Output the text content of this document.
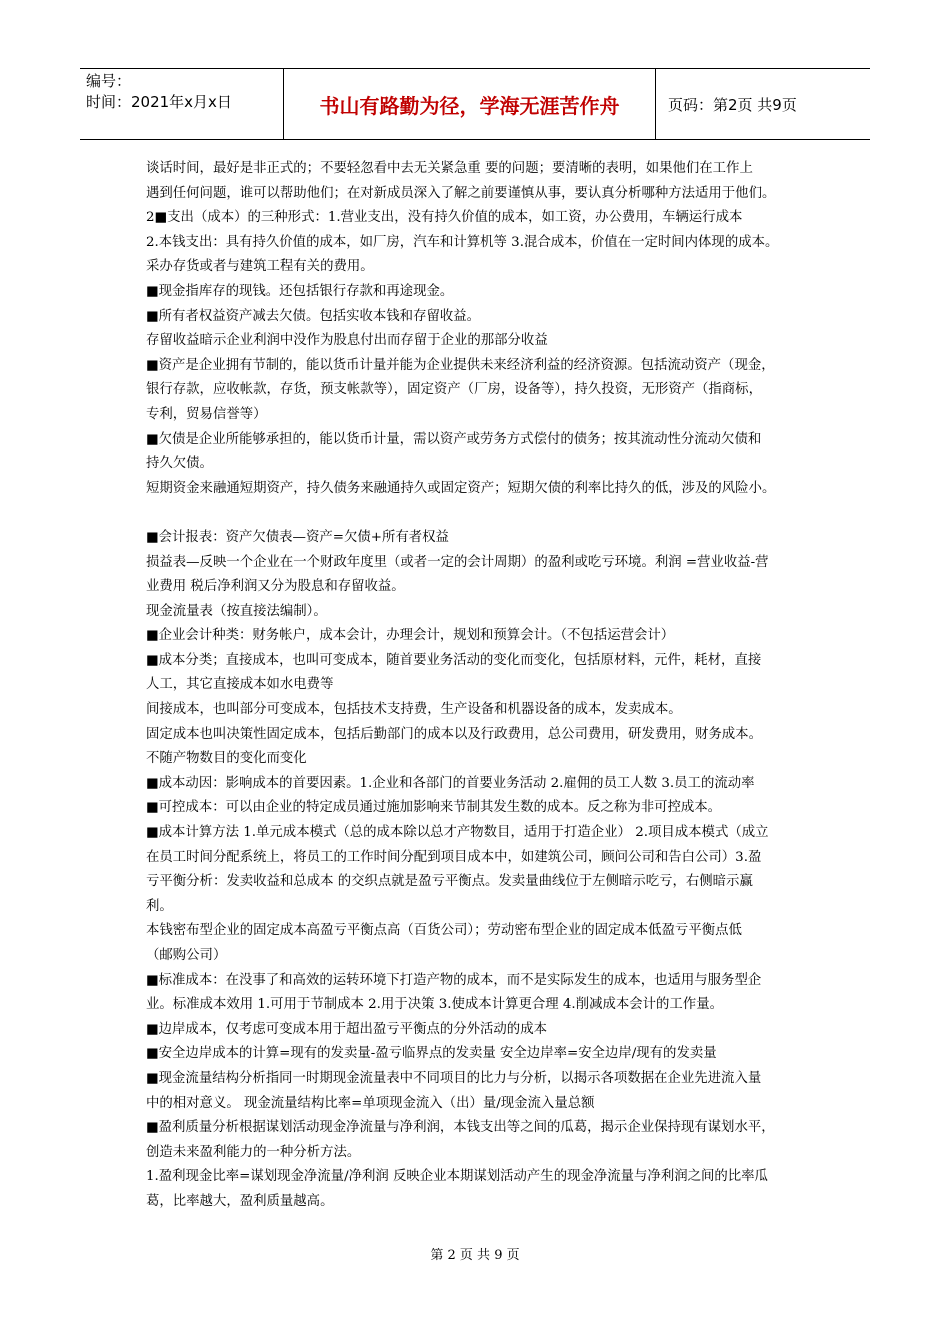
编号：
时间：2021年x月x日	书山有路勤为径，学海无涯苦作舟	页码：第2页 共9页

谈话时间，最好是非正式的；不要轻忽看中去无关紧急重 要的问题；要清晰的表明，如果他们在工作上

遇到任何问题，谁可以帮助他们；在对新成员深入了解之前要谨慎从事，要认真分析哪种方法适用于他们。

2■支出（成本）的三种形式：1.营业支出，没有持久价值的成本，如工资，办公费用，车辆运行成本

2.本钱支出：具有持久价值的成本，如厂房，汽车和计算机等 3.混合成本，价值在一定时间内体现的成本。

采办存货或者与建筑工程有关的费用。

■现金指库存的现钱。还包括银行存款和再途现金。

■所有者权益资产减去欠债。包括实收本钱和存留收益。

存留收益暗示企业利润中没作为股息付出而存留于企业的那部分收益

■资产是企业拥有节制的，能以货币计量并能为企业提供未来经济利益的经济资源。包括流动资产（现金，

银行存款，应收帐款，存货，预支帐款等），固定资产（厂房，设备等），持久投资，无形资产（指商标，

专利，贸易信誉等）

■欠债是企业所能够承担的，能以货币计量，需以资产或劳务方式偿付的债务；按其流动性分流动欠债和

持久欠债。

短期资金来融通短期资产，持久债务来融通持久或固定资产；短期欠债的利率比持久的低，涉及的风险小。

■会计报表：资产欠债表—资产=欠债+所有者权益

损益表—反映一个企业在一个财政年度里（或者一定的会计周期）的盈利或吃亏环境。利润 =营业收益-营

业费用 税后净利润又分为股息和存留收益。

现金流量表（按直接法编制）。

■企业会计种类：财务帐户，成本会计，办理会计，规划和预算会计。（不包括运营会计）

■成本分类；直接成本，也叫可变成本，随首要业务活动的变化而变化，包括原材料，元件，耗材，直接

人工，其它直接成本如水电费等

间接成本，也叫部分可变成本，包括技术支持费，生产设备和机器设备的成本，发卖成本。

固定成本也叫决策性固定成本，包括后勤部门的成本以及行政费用，总公司费用，研发费用，财务成本。

不随产物数目的变化而变化

■成本动因：影响成本的首要因素。1.企业和各部门的首要业务活动 2.雇佣的员工人数 3.员工的流动率

■可控成本：可以由企业的特定成员通过施加影响来节制其发生数的成本。反之称为非可控成本。

■成本计算方法 1.单元成本模式（总的成本除以总才产物数目，适用于打造企业） 2.项目成本模式（成立

在员工时间分配系统上，将员工的工作时间分配到项目成本中，如建筑公司，顾问公司和告白公司）3.盈

亏平衡分析：发卖收益和总成本 的交织点就是盈亏平衡点。发卖量曲线位于左侧暗示吃亏，右侧暗示赢

利。

本钱密布型企业的固定成本高盈亏平衡点高（百货公司）；劳动密布型企业的固定成本低盈亏平衡点低

（邮购公司）

■标准成本：在没事了和高效的运转环境下打造产物的成本，而不是实际发生的成本，也适用与服务型企

业。标准成本效用 1.可用于节制成本 2.用于决策 3.使成本计算更合理 4.削减成本会计的工作量。

■边岸成本，仅考虑可变成本用于超出盈亏平衡点的分外活动的成本

■安全边岸成本的计算=现有的发卖量-盈亏临界点的发卖量 安全边岸率=安全边岸/现有的发卖量

■现金流量结构分析指同一时期现金流量表中不同项目的比力与分析，以揭示各项数据在企业先进流入量

中的相对意义。 现金流量结构比率=单项现金流入（出）量/现金流入量总额

■盈利质量分析根据谋划活动现金净流量与净利润，本钱支出等之间的瓜葛，揭示企业保持现有谋划水平，

创造未来盈利能力的一种分析方法。

1.盈利现金比率=谋划现金净流量/净利润 反映企业本期谋划活动产生的现金净流量与净利润之间的比率瓜

葛，比率越大，盈利质量越高。

第 2 页 共 9 页
